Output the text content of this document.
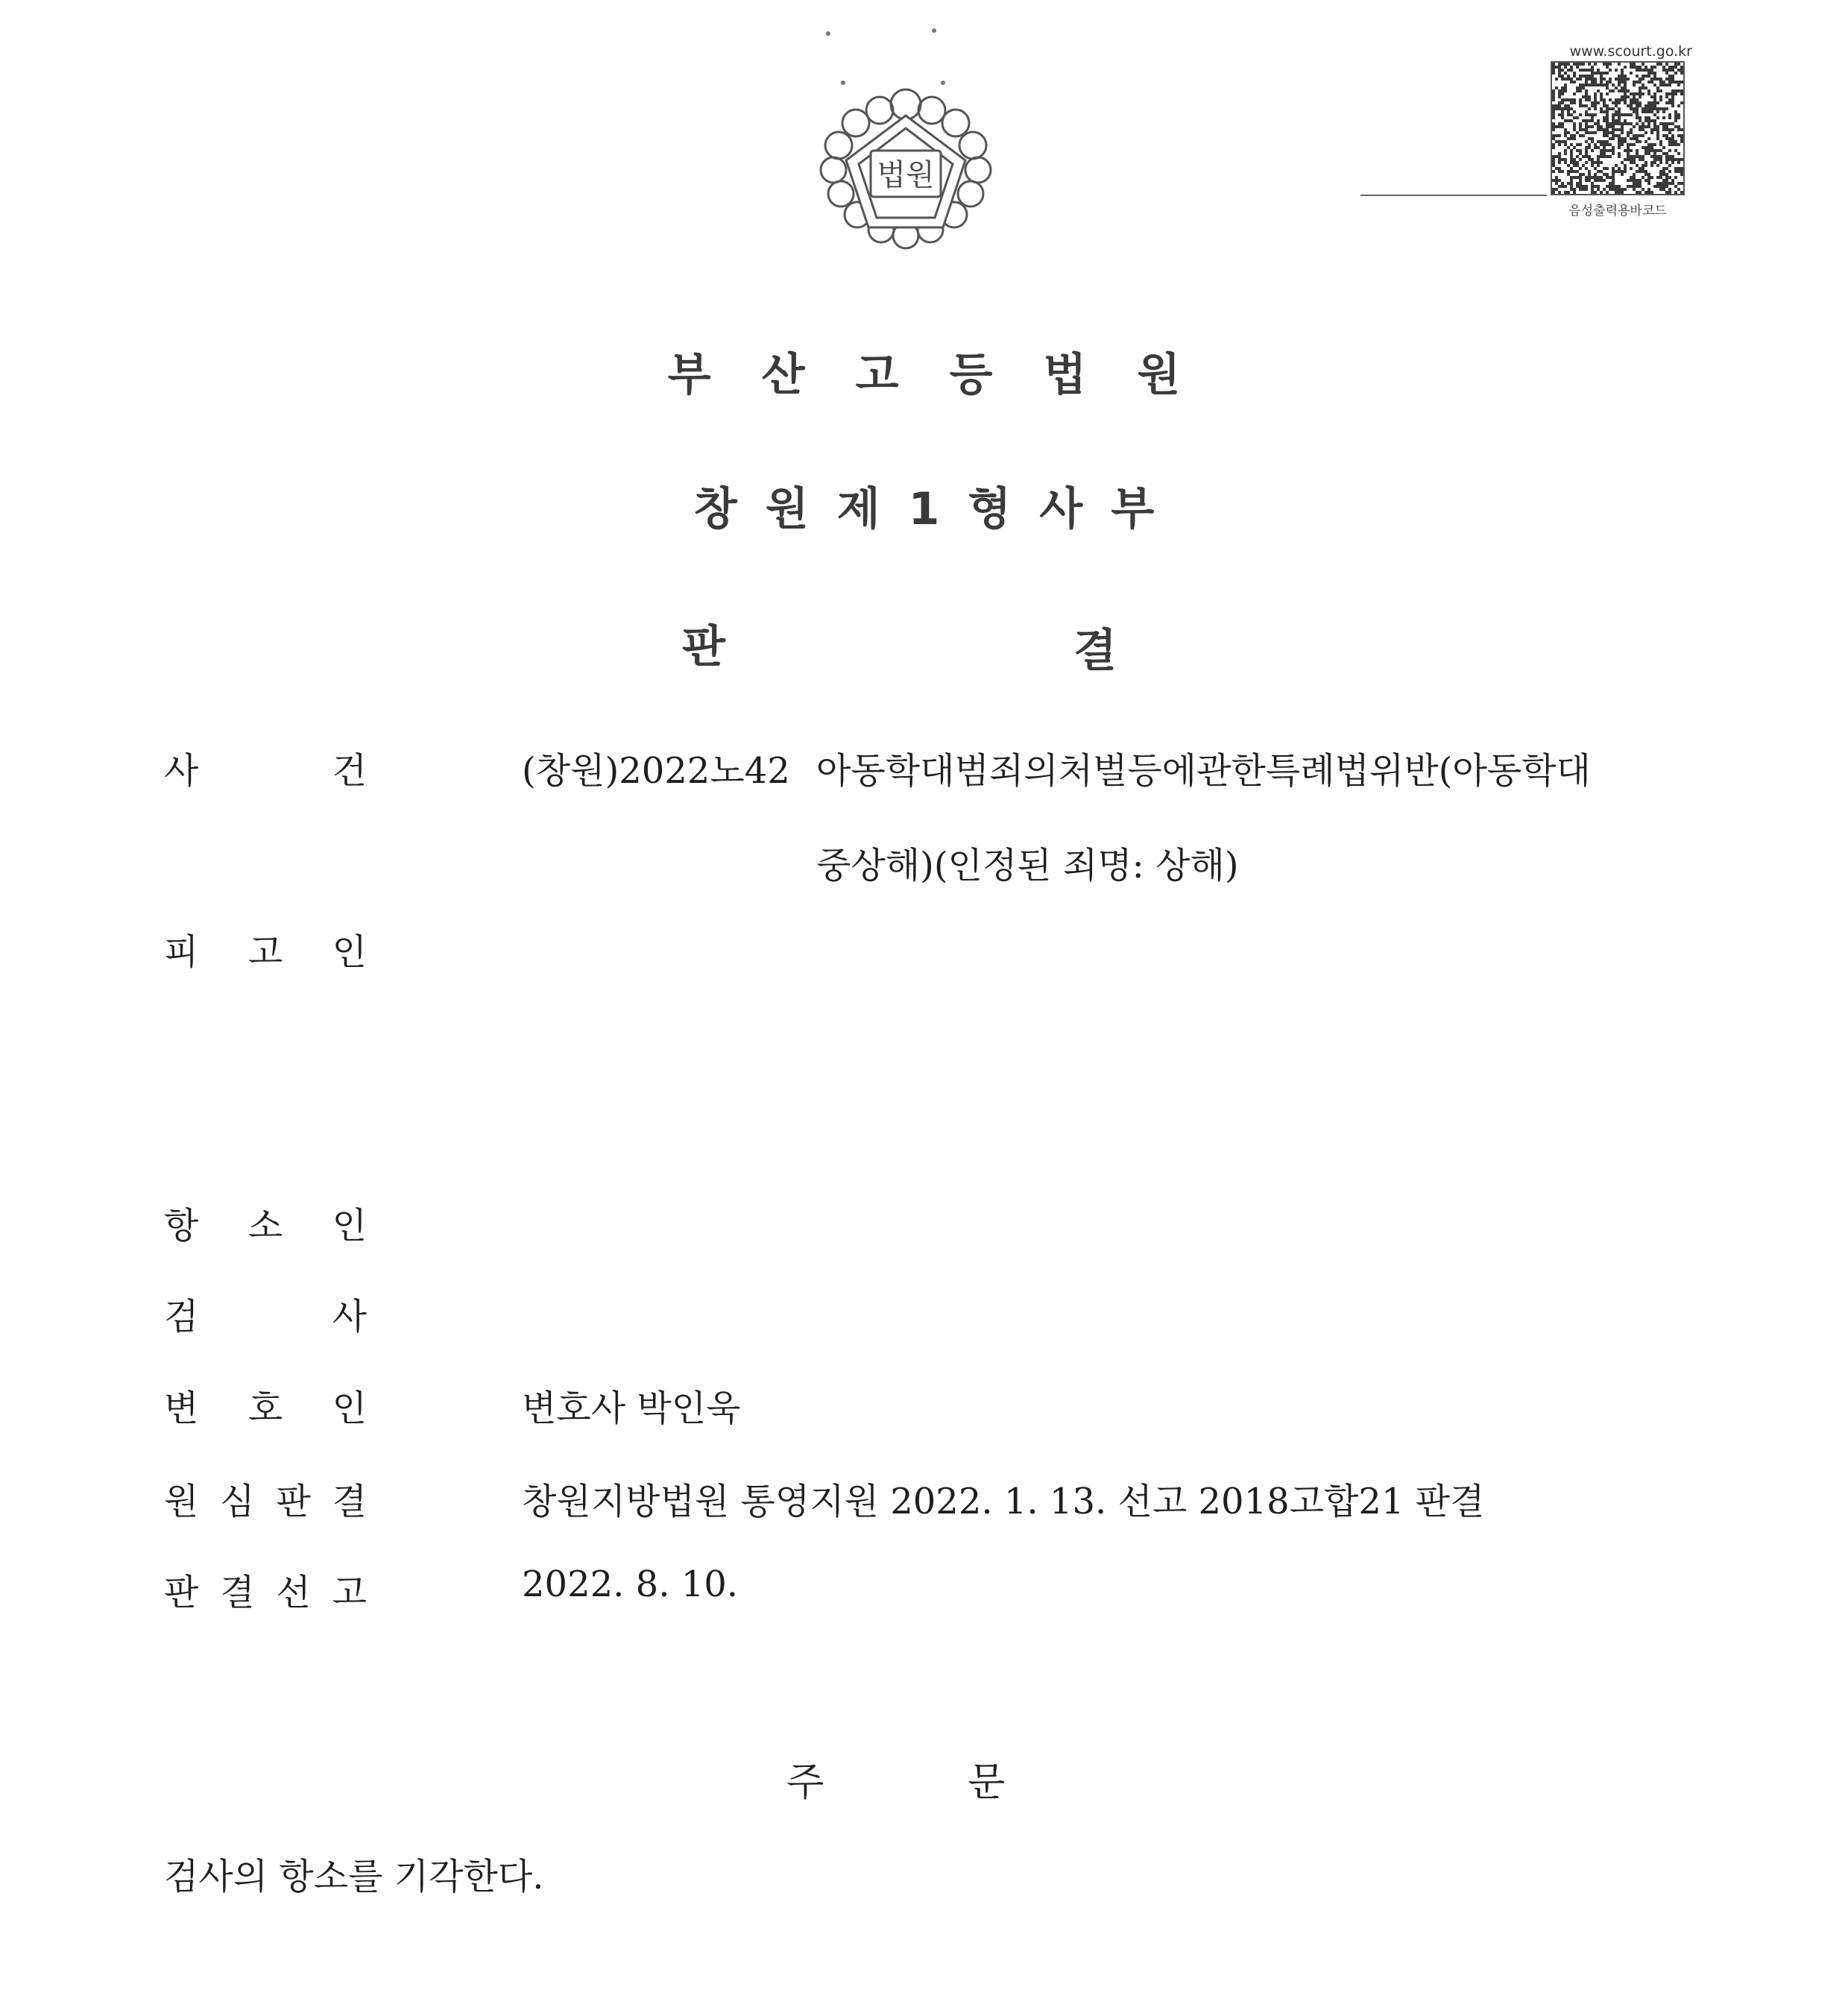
법원
www.scourt.go.kr
음성출력용바코드
부산고등법원
창원제1형사부
판	결
사	건	(창원)2022노42 아동학대범죄의처벌등에관한특례법위반(아동학대
중상해)(인정된 죄명: 상해)
피 고 인
항 소 인
검	사
변 호 인	변호사 박인욱
원 심 판 결	창원지방법원 통영지원 2022. 1. 13. 선고 2018고합21 판결
판 결 선 고	2022. 8. 10.
주	문
검사의 항소를 기각한다.
